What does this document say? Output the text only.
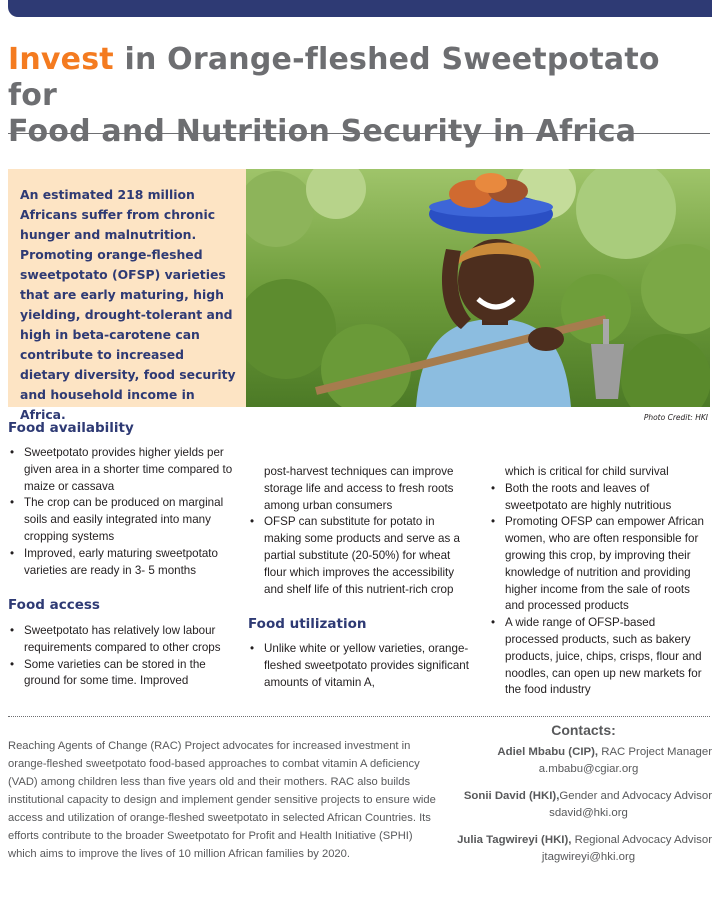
Invest in Orange-fleshed Sweetpotato for
Food and Nutrition Security in Africa

An estimated 218 million Africans suffer from chronic hunger and malnutrition. Promoting orange-fleshed sweetpotato (OFSP) varieties that are early maturing, high yielding, drought-tolerant and high in beta-carotene can contribute to increased dietary diversity, food security and household income in Africa.	Photo Credit: HKI
Food availability
• Sweetpotato provides higher yields per given area in a shorter time compared to maize or cassava
• The crop can be produced on marginal soils and easily integrated into many cropping systems
• Improved, early maturing sweetpotato varieties are ready in 3- 5 months
Food access
• Sweetpotato has relatively low labour requirements compared to other crops
• Some varieties can be stored in the ground for some time. Improved

post-harvest techniques can improve storage life and access to fresh roots among urban consumers

• OFSP can substitute for potato in making some products and serve as a partial substitute (20-50%) for wheat flour which improves the accessibility and shelf life of this nutrient-rich crop
Food utilization
• Unlike white or yellow varieties, orange-fleshed sweetpotato provides significant amounts of vitamin A,

which is critical for child survival

• Both the roots and leaves of sweetpotato are highly nutritious
• Promoting OFSP can empower African women, who are often responsible for growing this crop, by improving their knowledge of nutrition and providing higher income from the sale of roots and processed products
• A wide range of OFSP-based processed products, such as bakery products, juice, chips, crisps, flour and noodles, can open up new markets for the food industry

Reaching Agents of Change (RAC) Project advocates for increased investment in orange-fleshed sweetpotato food-based approaches to combat vitamin A deficiency (VAD) among children less than five years old and their mothers. RAC also builds institutional capacity to design and implement gender sensitive projects to ensure wide access and utilization of orange-fleshed sweetpotato in selected African Countries. Its efforts contribute to the broader Sweetpotato for Profit and Health Initiative (SPHI) which aims to improve the lives of 10 million African families by 2020.

Contacts:
Adiel Mbabu (CIP), RAC Project Manager
a.mbabu@cgiar.org
Sonii David (HKI),Gender and Advocacy Advisor
sdavid@hki.org
Julia Tagwireyi (HKI), Regional Advocacy Advisor
jtagwireyi@hki.org
